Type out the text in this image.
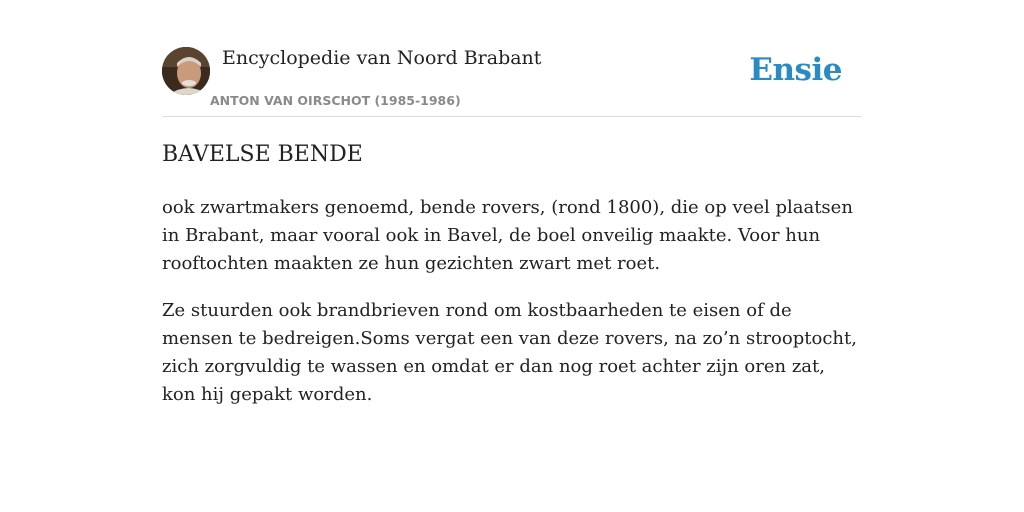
Encyclopedie van Noord Brabant
ANTON VAN OIRSCHOT (1985-1986)
Ensie
BAVELSE BENDE

ook zwartmakers genoemd, bende rovers, (rond 1800), die op veel plaatsen in Brabant, maar vooral ook in Bavel, de boel onveilig maakte. Voor hun rooftochten maakten ze hun gezichten zwart met roet.

Ze stuurden ook brandbrieven rond om kostbaarheden te eisen of de mensen te bedreigen.Soms vergat een van deze rovers, na zo’n strooptocht, zich zorgvuldig te wassen en omdat er dan nog roet achter zijn oren zat, kon hij gepakt worden.
